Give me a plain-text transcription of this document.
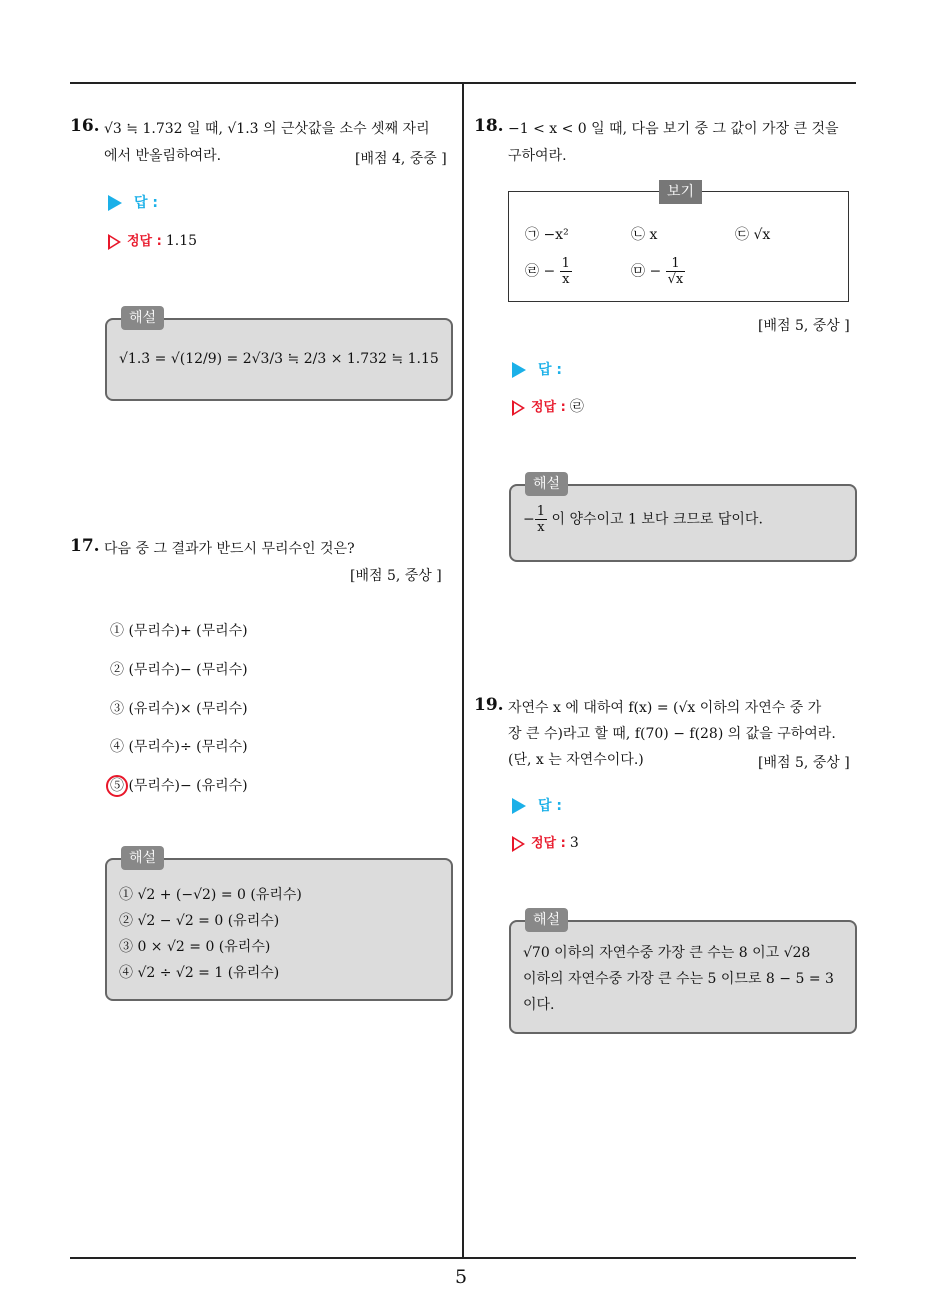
5
16. √3 ≒ 1.732 일 때, √1.3̇ 의 근삿값을 소수 셋째 자리
에서 반올림하여라.	[배점 4, 중중 ]
답 :
정답 : 1.15
해설
√1.3̇ = √(12/9) = 2√3/3 ≒ 2/3 × 1.732 ≒ 1.15
17. 다음 중 그 결과가 반드시 무리수인 것은?
[배점 5, 중상 ]
① (무리수)+ (무리수)
② (무리수)− (무리수)
③ (유리수)× (무리수)
④ (무리수)÷ (무리수)
⑤ (무리수)− (유리수)
해설
① √2 + (−√2) = 0 (유리수)
② √2 − √2 = 0 (유리수)
③ 0 × √2 = 0 (유리수)
④ √2 ÷ √2 = 1 (유리수)
18. −1 < x < 0 일 때, 다음 보기 중 그 값이 가장 큰 것을
구하여라.
보기
㉠ −x²	㉡ x	㉢ √x
㉣ − $\frac{1}{x}$	㉤ − $\frac{1}{√x}$
[배점 5, 중상 ]
답 :
정답 : ㉣
해설
− $\frac{1}{x}$ 이 양수이고 1 보다 크므로 답이다.
19. 자연수 x 에 대하여 f(x) = (√x 이하의 자연수 중 가
장 큰 수)라고 할 때, f(70) − f(28) 의 값을 구하여라.
(단, x 는 자연수이다.)	[배점 5, 중상 ]
답 :
정답 : 3
해설
√70 이하의 자연수중 가장 큰 수는 8 이고 √28
이하의 자연수중 가장 큰 수는 5 이므로 8 − 5 = 3
이다.
